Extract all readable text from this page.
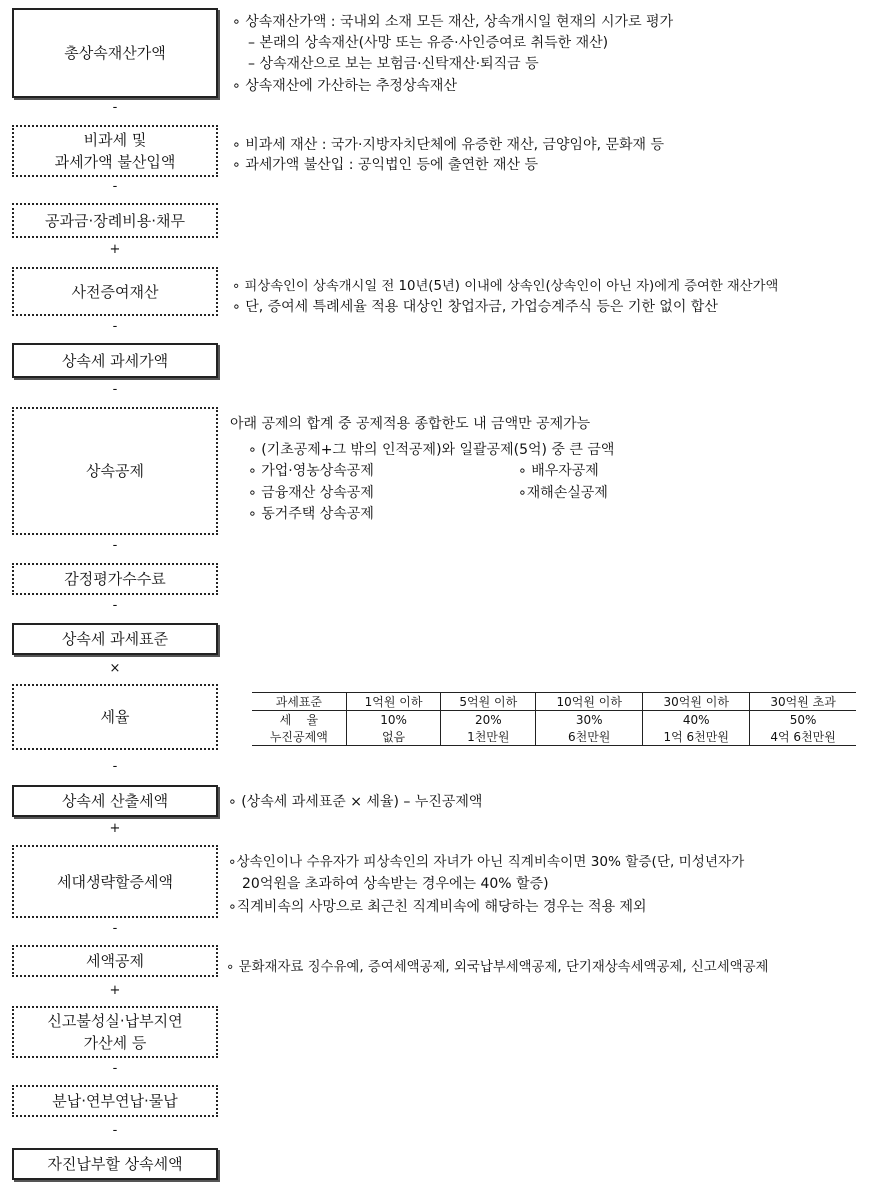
총상속재산가액
-
비과세 및
과세가액 불산입액
-
공과금·장례비용·채무
+
사전증여재산
-
상속세 과세가액
-
상속공제
-
감정평가수수료
-
상속세 과세표준
×
세율
-
상속세 산출세액
+
세대생략할증세액
-
세액공제
+
신고불성실·납부지연
가산세 등
-
분납·연부연납·물납
-
자진납부할 상속세액
∘ 상속재산가액 : 국내외 소재 모든 재산, 상속개시일 현재의 시가로 평가
– 본래의 상속재산(사망 또는 유증·사인증여로 취득한 재산)
– 상속재산으로 보는 보험금·신탁재산·퇴직금 등
∘ 상속재산에 가산하는 추정상속재산
∘ 비과세 재산 : 국가·지방자치단체에 유증한 재산, 금양임야, 문화재 등
∘ 과세가액 불산입 : 공익법인 등에 출연한 재산 등
∘ 피상속인이 상속개시일 전 10년(5년) 이내에 상속인(상속인이 아닌 자)에게 증여한 재산가액
∘ 단, 증여세 특례세율 적용 대상인 창업자금, 가업승계주식 등은 기한 없이 합산
아래 공제의 합계 중 공제적용 종합한도 내 금액만 공제가능
∘ (기초공제+그 밖의 인적공제)와 일괄공제(5억) 중 큰 금액
∘ 가업·영농상속공제	∘ 배우자공제
∘ 금융재산 상속공제	∘재해손실공제
∘ 동거주택 상속공제
과세표준	1억원 이하	5억원 이하	10억원 이하	30억원 이하	30억원 초과
세    율	10%	20%	30%	40%	50%
누진공제액	없음	1천만원	6천만원	1억 6천만원	4억 6천만원
∘ (상속세 과세표준 × 세율) – 누진공제액
∘상속인이나 수유자가 피상속인의 자녀가 아닌 직계비속이면 30% 할증(단, 미성년자가
20억원을 초과하여 상속받는 경우에는 40% 할증)
∘직계비속의 사망으로 최근친 직계비속에 해당하는 경우는 적용 제외
∘ 문화재자료 징수유예, 증여세액공제, 외국납부세액공제, 단기재상속세액공제, 신고세액공제
